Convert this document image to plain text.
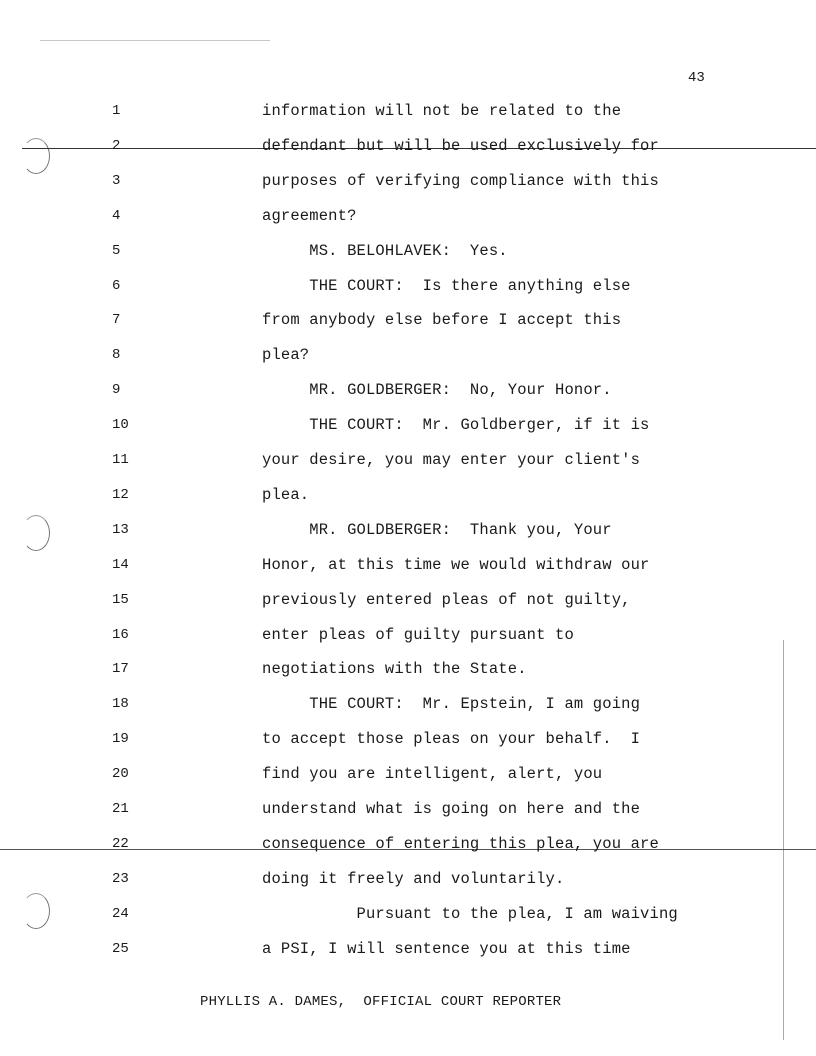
43
1	information will not be related to the
2	defendant but will be used exclusively for
3	purposes of verifying compliance with this
4	agreement?
5	MS. BELOHLAVEK:  Yes.
6	THE COURT:  Is there anything else
7	from anybody else before I accept this
8	plea?
9	MR. GOLDBERGER:  No, Your Honor.
10	THE COURT:  Mr. Goldberger, if it is
11	your desire, you may enter your client's
12	plea.
13	MR. GOLDBERGER:  Thank you, Your
14	Honor, at this time we would withdraw our
15	previously entered pleas of not guilty,
16	enter pleas of guilty pursuant to
17	negotiations with the State.
18	THE COURT:  Mr. Epstein, I am going
19	to accept those pleas on your behalf.  I
20	find you are intelligent, alert, you
21	understand what is going on here and the
22	consequence of entering this plea, you are
23	doing it freely and voluntarily.
24	Pursuant to the plea, I am waiving
25	a PSI, I will sentence you at this time
PHYLLIS A. DAMES,  OFFICIAL COURT REPORTER
